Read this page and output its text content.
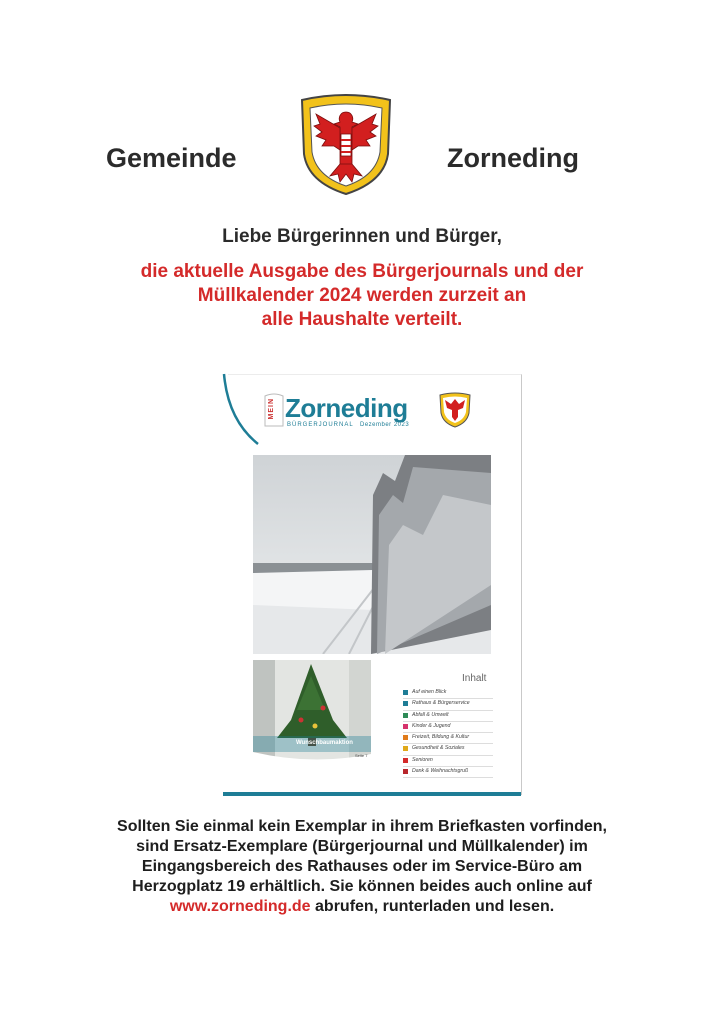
Gemeinde	Zorneding
Liebe Bürgerinnen und Bürger,
die aktuelle Ausgabe des Bürgerjournals und der
Müllkalender 2024 werden zurzeit an
alle Haushalte verteilt.
MEIN Zorneding
BÜRGERJOURNAL Dezember 2023
Wunschbaumaktion
Seite 7
Inhalt
Auf einen Blick
Rathaus & Bürgerservice
Abfall & Umwelt
Kinder & Jugend
Freizeit, Bildung & Kultur
Gesundheit & Soziales
Senioren
Dank & Weihnachtsgruß
Sollten Sie einmal kein Exemplar in ihrem Briefkasten vorfinden,
sind Ersatz-Exemplare (Bürgerjournal und Müllkalender) im
Eingangsbereich des Rathauses oder im Service-Büro am
Herzogplatz 19 erhältlich. Sie können beides auch online auf
www.zorneding.de abrufen, runterladen und lesen.
